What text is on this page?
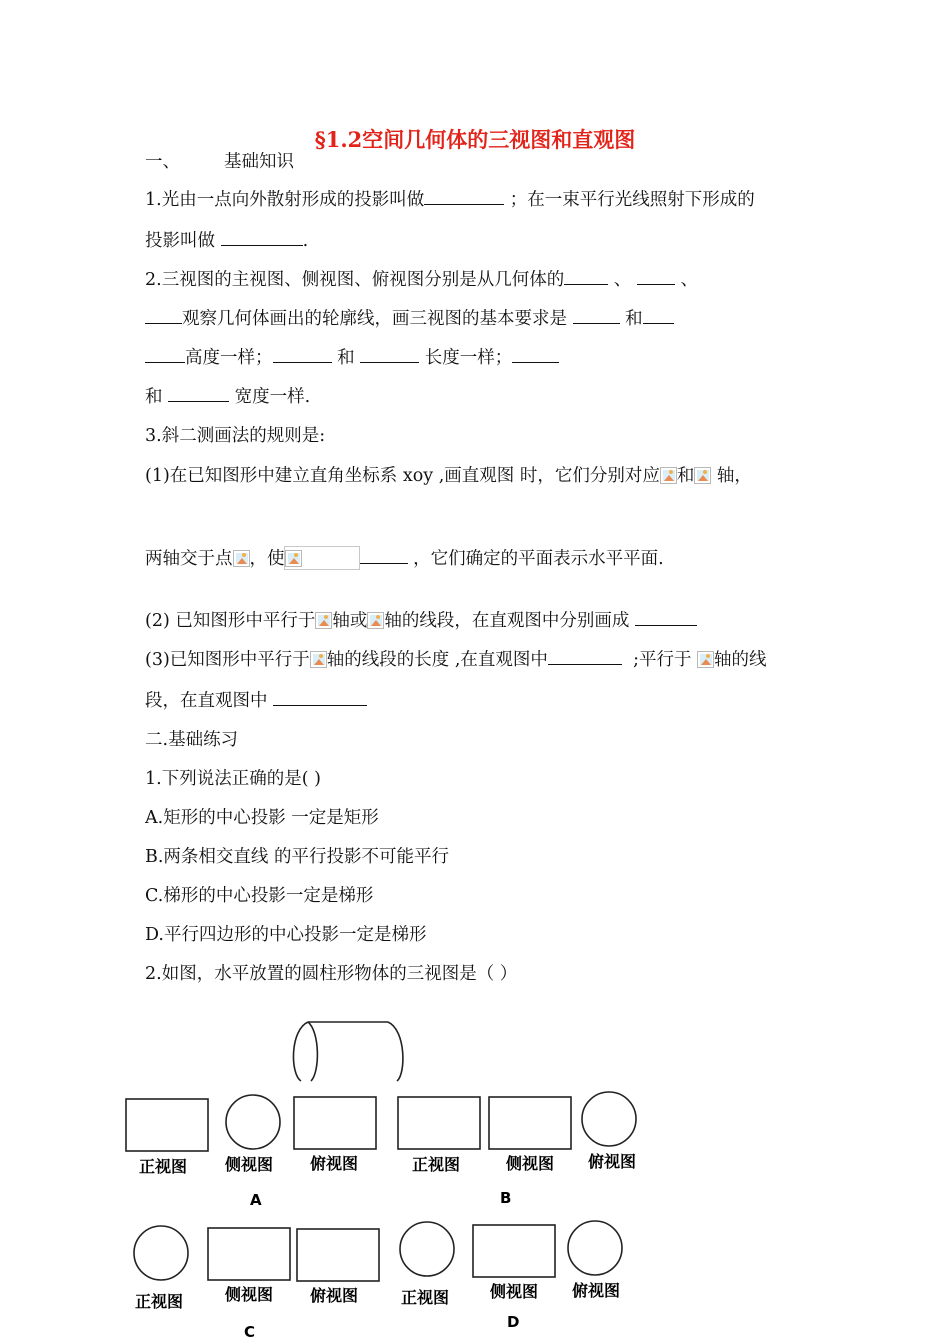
§1.2空间几何体的三视图和直观图
一、	基础知识
1.光由一点向外散射形成的投影叫做	；在一束平行光线照射下形成的
投影叫做	.
2.三视图的主视图、侧视图、俯视图分别是从几何体的	、	、
观察几何体画出的轮廓线，画三视图的基本要求是	和
高度一样；	和	长度一样；
和	宽度一样.
3.斜二测画法的规则是:
(1)在已知图形中建立直角坐标系 xoy ,画直观图 时，它们分别对应 和 轴，
两轴交于点 ，使	，它们确定的平面表示水平平面.
(2) 已知图形中平行于 轴或 轴的线段，在直观图中分别画成
(3)已知图形中平行于 轴的线段的长度 ,在直观图中	;平行于 轴的线
段，在直观图中
二.基础练习
1.下列说法正确的是( )
A.矩形的中心投影 一定是矩形
B.两条相交直线 的平行投影不可能平行
C.梯形的中心投影一定是梯形
D.平行四边形的中心投影一定是梯形
2.如图，水平放置的圆柱形物体的三视图是（ ）
正视图 侧视图 俯视图
A
正视图	侧视图 俯视图
B
正视图	侧视图 俯视图
C
正视图	侧视图 俯视图
D
